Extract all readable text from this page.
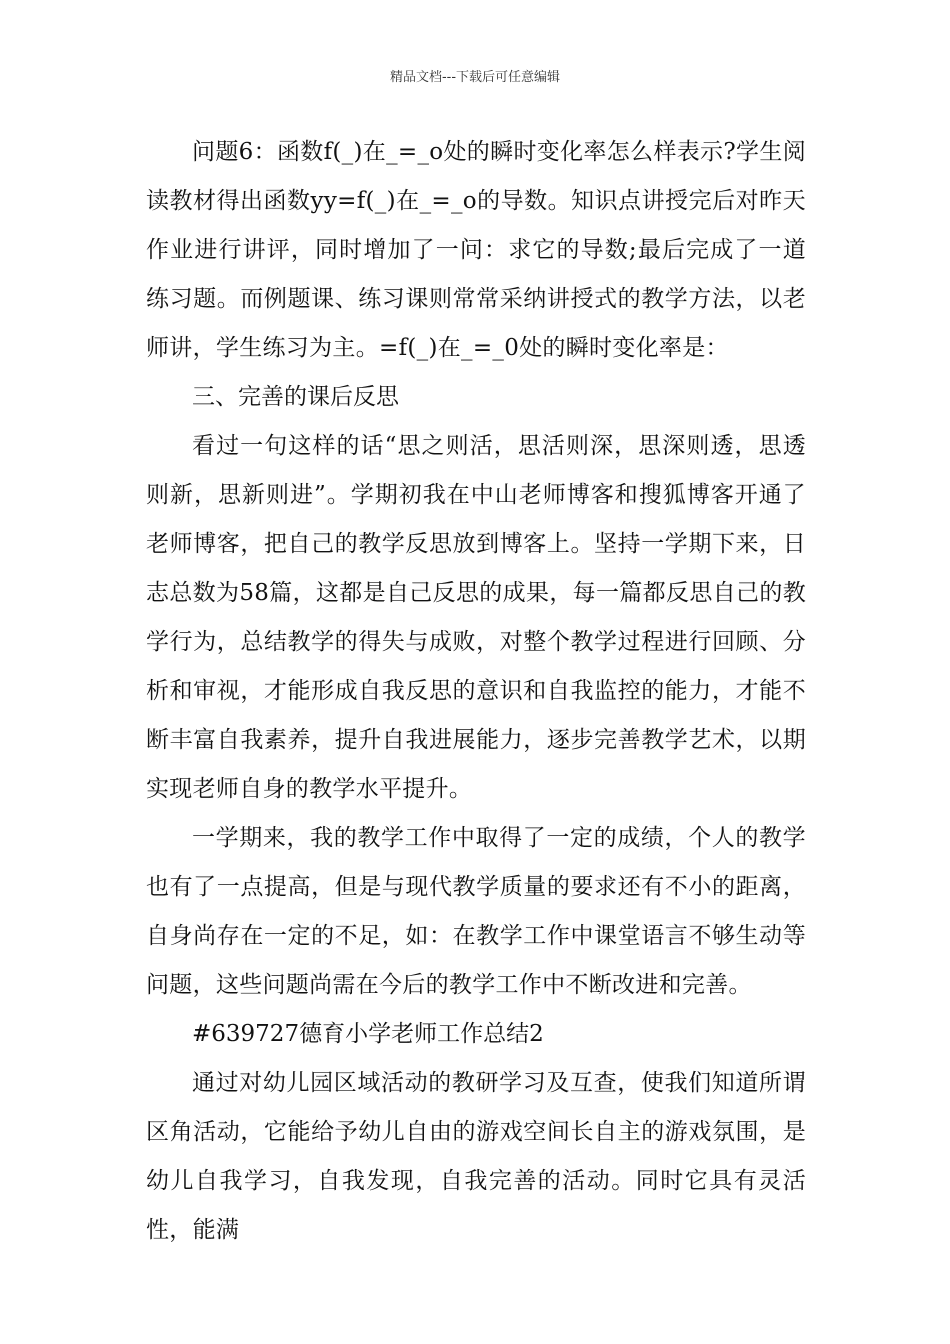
精品文档---下载后可任意编辑

问题6：函数f(_)在_=_o处的瞬时变化率怎么样表示?学生阅读教材得出函数yy=f(_)在_=_o的导数。知识点讲授完后对昨天作业进行讲评，同时增加了一问：求它的导数;最后完成了一道练习题。而例题课、练习课则常常采纳讲授式的教学方法，以老师讲，学生练习为主。=f(_)在_=_0处的瞬时变化率是：

三、完善的课后反思

看过一句这样的话“思之则活，思活则深，思深则透，思透则新，思新则进”。学期初我在中山老师博客和搜狐博客开通了老师博客，把自己的教学反思放到博客上。坚持一学期下来，日志总数为58篇，这都是自己反思的成果，每一篇都反思自己的教学行为，总结教学的得失与成败，对整个教学过程进行回顾、分析和审视，才能形成自我反思的意识和自我监控的能力，才能不断丰富自我素养，提升自我进展能力，逐步完善教学艺术，以期实现老师自身的教学水平提升。

一学期来，我的教学工作中取得了一定的成绩，个人的教学也有了一点提高，但是与现代教学质量的要求还有不小的距离，自身尚存在一定的不足，如：在教学工作中课堂语言不够生动等问题，这些问题尚需在今后的教学工作中不断改进和完善。

#639727德育小学老师工作总结2

通过对幼儿园区域活动的教研学习及互查，使我们知道所谓区角活动，它能给予幼儿自由的游戏空间长自主的游戏氛围，是幼儿自我学习，自我发现，自我完善的活动。同时它具有灵活性，能满
